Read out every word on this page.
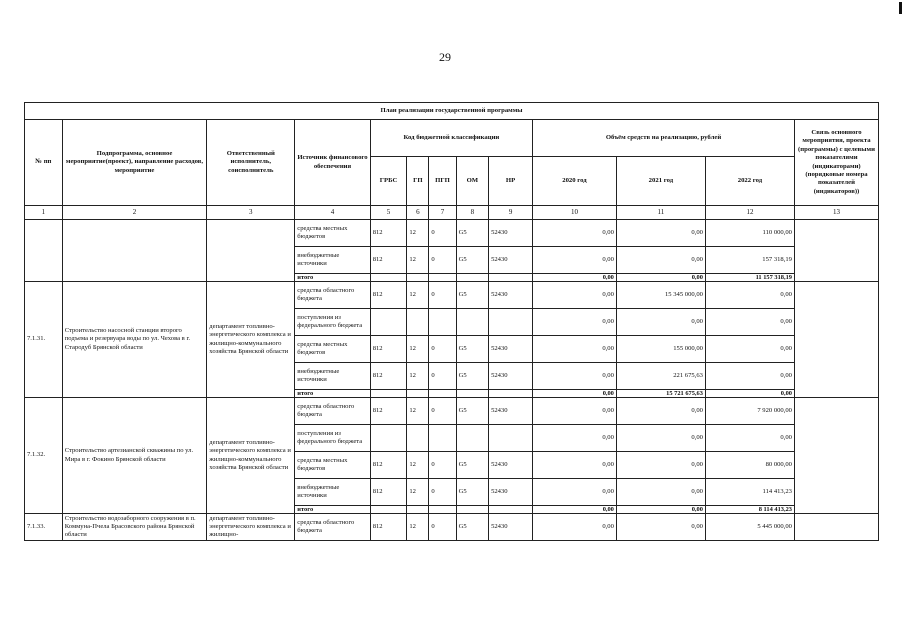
29
План реализации государственной программы												
№ пп	Подпрограмма, основное мероприятие(проект), направление расходов, мероприятие	Ответственный исполнитель, соисполнитель	Источник финансового обеспечения	Код бюджетной классификации					Объём средств на реализацию, рублей			Связь основного мероприятия, проекта (программы) с целевыми показателями (индикаторами) (порядковые номера показателей (индикаторов))
				ГРБС	ГП	ПГП	ОМ	НР	2020 год	2021 год	2022 год	
1	2	3	4	5	6	7	8	9	10	11	12	13
			средства местных бюджетов	812	12	0	G5	52430	0,00	0,00	110 000,00	
			внебюджетные источники	812	12	0	G5	52430	0,00	0,00	157 318,19	
			итого						0,00	0,00	11 157 318,19	
7.1.31.	Строительство насосной станции второго подъема и резервуара воды по ул. Чехова в г. Стародуб Брянской области	департамент топливно-энергетического комплекса и жилищно-коммунального хозяйства Брянской области	средства областного бюджета	812	12	0	G5	52430	0,00	15 345 000,00	0,00	
			поступления из федерального бюджета						0,00	0,00	0,00	
			средства местных бюджетов	812	12	0	G5	52430	0,00	155 000,00	0,00	
			внебюджетные источники	812	12	0	G5	52430	0,00	221 675,63	0,00	
			итого						0,00	15 721 675,63	0,00	
7.1.32.	Строительство артезианской скважины по ул. Мира в г. Фокино Брянской области	департамент топливно-энергетического комплекса и жилищно-коммунального хозяйства Брянской области	средства областного бюджета	812	12	0	G5	52430	0,00	0,00	7 920 000,00	
			поступления из федерального бюджета						0,00	0,00	0,00	
			средства местных бюджетов	812	12	0	G5	52430	0,00	0,00	80 000,00	
			внебюджетные источники	812	12	0	G5	52430	0,00	0,00	114 413,23	
			итого						0,00	0,00	8 114 413,23	
7.1.33.	Строительство водозаборного сооружения в п. Коммуна-Пчела Брасовского района Брянской области	департамент топливно-энергетического комплекса и жилищно-	средства областного бюджета	812	12	0	G5	52430	0,00	0,00	5 445 000,00	
